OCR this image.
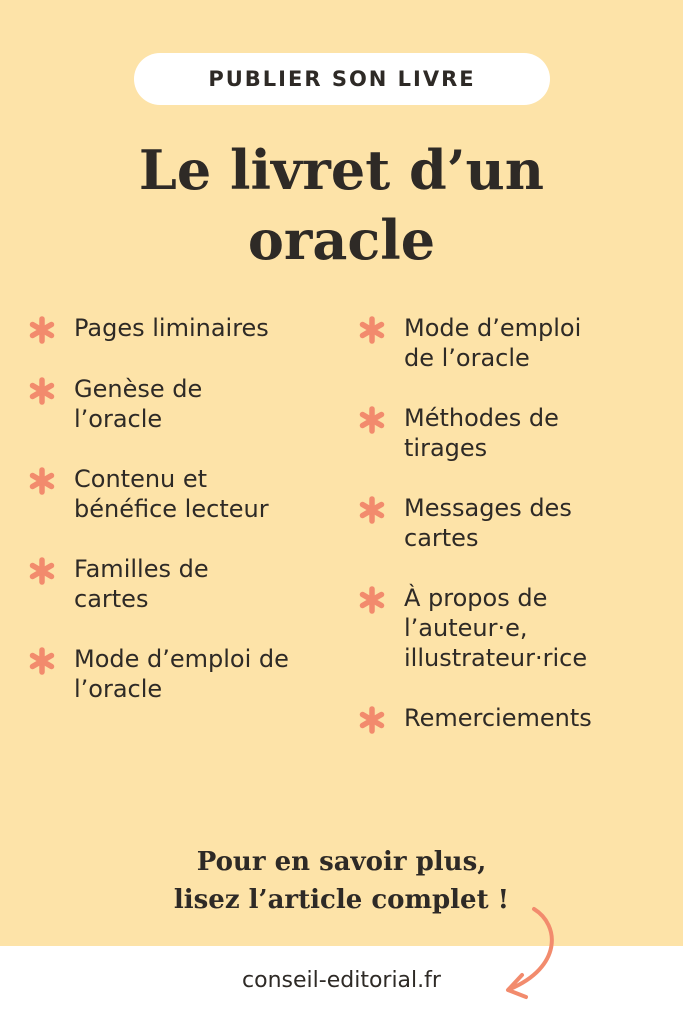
PUBLIER SON LIVRE
Le livret d’un
oracle
Pages liminaires
Genèse de
l’oracle
Contenu et
bénéfice lecteur
Familles de
cartes
Mode d’emploi de
l’oracle
Mode d’emploi
de l’oracle
Méthodes de
tirages
Messages des
cartes
À propos de
l’auteur·e,
illustrateur·rice
Remerciements
Pour en savoir plus,
lisez l’article complet !
conseil-editorial.fr
